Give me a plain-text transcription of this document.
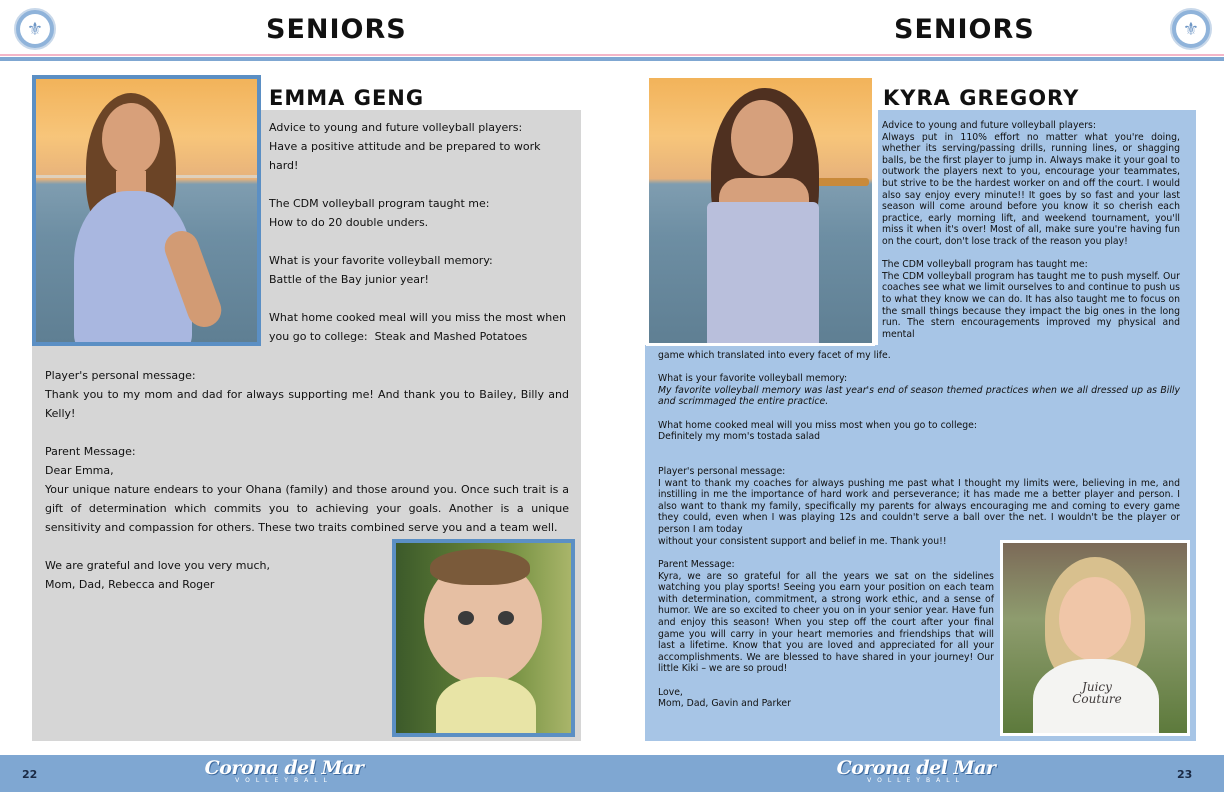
⚜	SENIORS
EMMA GENG

Advice to young and future volleyball players:

Have a positive attitude and be prepared to work hard!

The CDM volleyball program taught me:

How to do 20 double unders.

What is your favorite volleyball memory:

Battle of the Bay junior year!

What home cooked meal will you miss the most when you go to college: Steak and Mashed Potatoes

Player's personal message:

Thank you to my mom and dad for always supporting me! And thank you to Bailey, Billy and Kelly!

Parent Message:

Dear Emma,

Your unique nature endears to your Ohana (family) and those around you. Once such trait is a gift of determination which commits you to achieving your goals. Another is a unique sensitivity and compassion for others. These two traits combined serve you and a team well.

We are grateful and love you very much,

Mom, Dad, Rebecca and Roger

22	Corona del Mar
VOLLEYBALL
SENIORS	⚜
Corona del Mar
VOLLEYBALL	23
KYRA GREGORY

Advice to young and future volleyball players:

Always put in 110% effort no matter what you're doing, whether its serving/passing drills, running lines, or shagging balls, be the first player to jump in. Always make it your goal to outwork the players next to you, encourage your teammates, but strive to be the hardest worker on and off the court. I would also say enjoy every minute!! It goes by so fast and your last season will come around before you know it so cherish each practice, early morning lift, and weekend tournament, you'll miss it when it's over! Most of all, make sure you're having fun on the court, don't lose track of the reason you play!

The CDM volleyball program has taught me:

The CDM volleyball program has taught me to push myself. Our coaches see what we limit ourselves to and continue to push us to what they know we can do. It has also taught me to focus on the small things because they impact the big ones in the long run. The stern encouragements improved my physical and mental

game which translated into every facet of my life.

What is your favorite volleyball memory:

My favorite volleyball memory was last year's end of season themed practices when we all dressed up as Billy and scrimmaged the entire practice.

What home cooked meal will you miss most when you go to college:

Definitely my mom's tostada salad

Player's personal message:

I want to thank my coaches for always pushing me past what I thought my limits were, believing in me, and instilling in me the importance of hard work and perseverance; it has made me a better player and person. I also want to thank my family, specifically my parents for always encouraging me and coming to every game they could, even when I was playing 12s and couldn't serve a ball over the net. I wouldn't be the player or person I am today

without your consistent support and belief in me. Thank you!!

Parent Message:

Kyra, we are so grateful for all the years we sat on the sidelines watching you play sports! Seeing you earn your position on each team with determination, commitment, a strong work ethic, and a sense of humor. We are so excited to cheer you on in your senior year. Have fun and enjoy this season! When you step off the court after your final game you will carry in your heart memories and friendships that will last a lifetime. Know that you are loved and appreciated for all your accomplishments. We are blessed to have shared in your journey! Our little Kiki – we are so proud!

Love,

Mom, Dad, Gavin and Parker

Juicy
Couture
